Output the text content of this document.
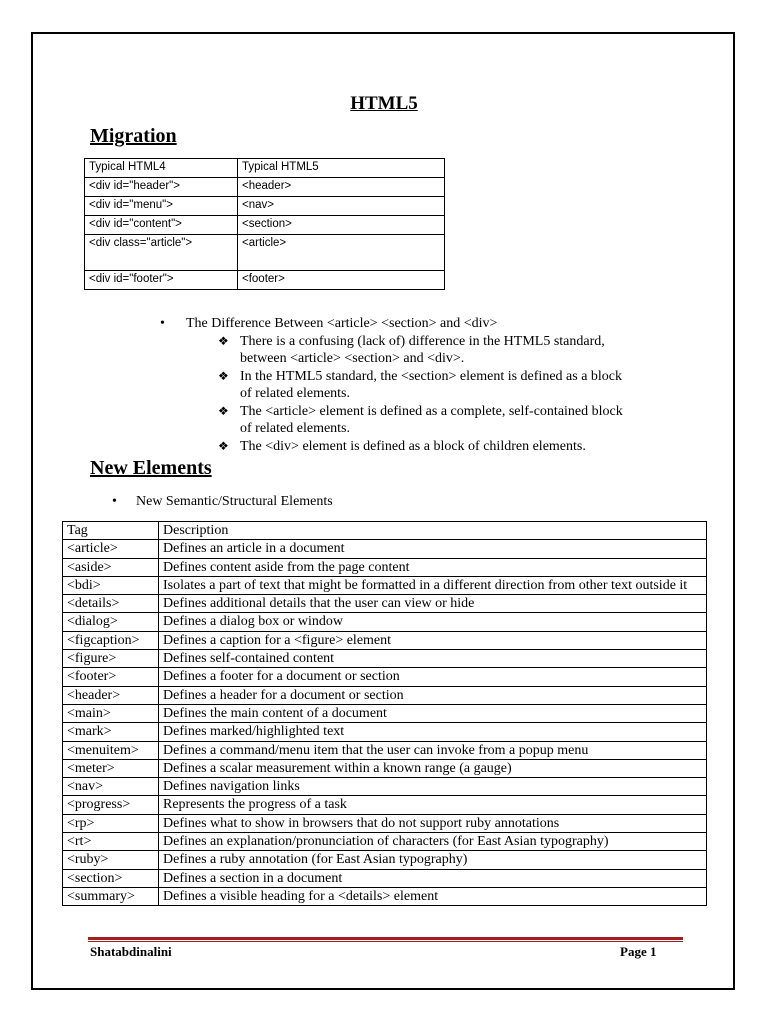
HTML5
Migration
Typical HTML4	Typical HTML5
<div id="header">	<header>
<div id="menu">	<nav>
<div id="content">	<section>
<div class="article">	<article>
<div id="footer">	<footer>
• The Difference Between <article> <section> and <div>
❖ There is a confusing (lack of) difference in the HTML5 standard, between <article> <section> and <div>.
❖ In the HTML5 standard, the <section> element is defined as a block of related elements.
❖ The <article> element is defined as a complete, self-contained block of related elements.
❖ The <div> element is defined as a block of children elements.
New Elements
• New Semantic/Structural Elements
Tag	Description
<article>	Defines an article in a document
<aside>	Defines content aside from the page content
<bdi>	Isolates a part of text that might be formatted in a different direction from other text outside it
<details>	Defines additional details that the user can view or hide
<dialog>	Defines a dialog box or window
<figcaption>	Defines a caption for a <figure> element
<figure>	Defines self-contained content
<footer>	Defines a footer for a document or section
<header>	Defines a header for a document or section
<main>	Defines the main content of a document
<mark>	Defines marked/highlighted text
<menuitem>	Defines a command/menu item that the user can invoke from a popup menu
<meter>	Defines a scalar measurement within a known range (a gauge)
<nav>	Defines navigation links
<progress>	Represents the progress of a task
<rp>	Defines what to show in browsers that do not support ruby annotations
<rt>	Defines an explanation/pronunciation of characters (for East Asian typography)
<ruby>	Defines a ruby annotation (for East Asian typography)
<section>	Defines a section in a document
<summary>	Defines a visible heading for a <details> element
Shatabdinalini	Page 1
